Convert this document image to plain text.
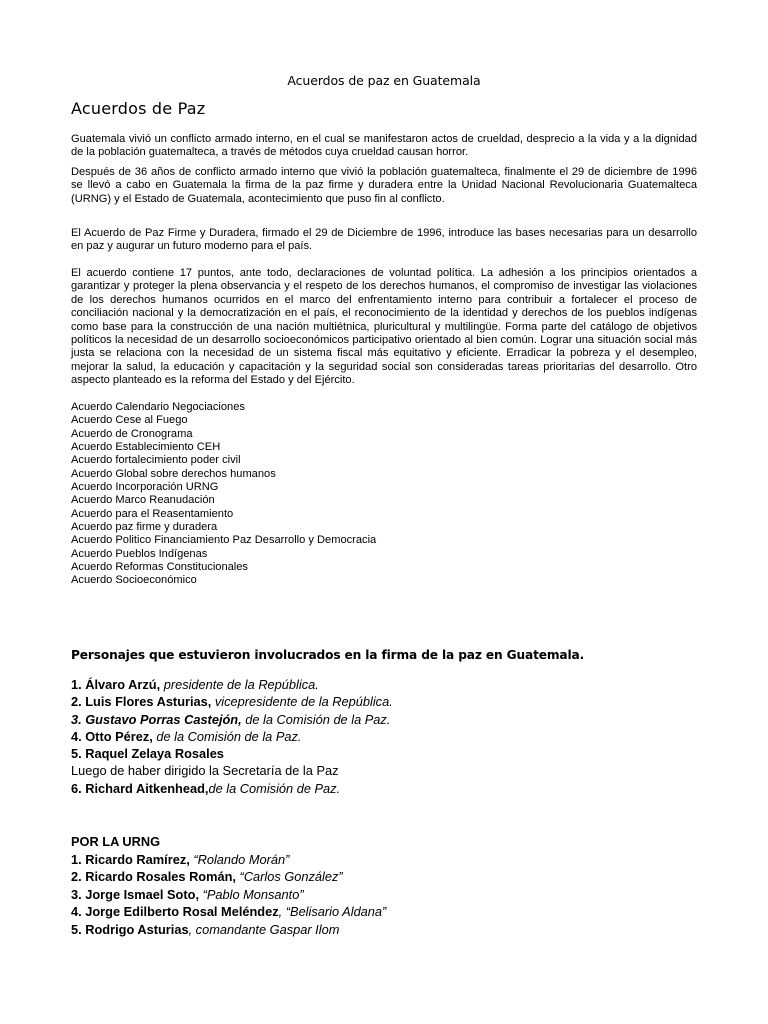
Acuerdos de paz en Guatemala
Acuerdos de Paz

Guatemala vivió un conflicto armado interno, en el cual se manifestaron actos de crueldad, desprecio a la vida y a la dignidad de la población guatemalteca, a través de métodos cuya crueldad causan horror.

Después de 36 años de conflicto armado interno que vivió la población guatemalteca, finalmente el 29 de diciembre de 1996 se llevó a cabo en Guatemala la firma de la paz firme y duradera entre la Unidad Nacional Revolucionaria Guatemalteca (URNG) y el Estado de Guatemala, acontecimiento que puso fin al conflicto.

El Acuerdo de Paz Firme y Duradera, firmado el 29 de Diciembre de 1996, introduce las bases necesarias para un desarrollo en paz y augurar un futuro moderno para el país.

El acuerdo contiene 17 puntos, ante todo, declaraciones de voluntad política. La adhesión a los principios orientados a garantizar y proteger la plena observancia y el respeto de los derechos humanos, el compromiso de investigar las violaciones de los derechos humanos ocurridos en el marco del enfrentamiento interno para contribuir a fortalecer el proceso de conciliación nacional y la democratización en el país, el reconocimiento de la identidad y derechos de los pueblos indígenas como base para la construcción de una nación multiétnica, pluricultural y multilingüe. Forma parte del catálogo de objetivos políticos la necesidad de un desarrollo socioeconómicos participativo orientado al bien común. Lograr una situación social más justa se relaciona con la necesidad de un sistema fiscal más equitativo y eficiente. Erradicar la pobreza y el desempleo, mejorar la salud, la educación y capacitación y la seguridad social son consideradas tareas prioritarias del desarrollo. Otro aspecto planteado es la reforma del Estado y del Ejército.

Acuerdo Calendario Negociaciones
Acuerdo Cese al Fuego
Acuerdo de Cronograma
Acuerdo Establecimiento CEH
Acuerdo fortalecimiento poder civil
Acuerdo Global sobre derechos humanos
Acuerdo Incorporación URNG
Acuerdo Marco Reanudación
Acuerdo para el Reasentamiento
Acuerdo paz firme y duradera
Acuerdo Politico Financiamiento Paz Desarrollo y Democracia
Acuerdo Pueblos Indígenas
Acuerdo Reformas Constitucionales
Acuerdo Socioeconómico
Personajes que estuvieron involucrados en la firma de la paz en Guatemala.
1. Álvaro Arzú, presidente de la República.
2. Luis Flores Asturias, vicepresidente de la República.
3. Gustavo Porras Castejón, de la Comisión de la Paz.
4. Otto Pérez, de la Comisión de la Paz.
5. Raquel Zelaya Rosales
Luego de haber dirigido la Secretaría de la Paz
6. Richard Aitkenhead,de la Comisión de Paz.
POR LA URNG
1. Ricardo Ramírez, “Rolando Morán”
2. Ricardo Rosales Román, “Carlos González”
3. Jorge Ismael Soto, “Pablo Monsanto”
4. Jorge Edilberto Rosal Meléndez, “Belisario Aldana”
5. Rodrigo Asturias, comandante Gaspar Ilom
